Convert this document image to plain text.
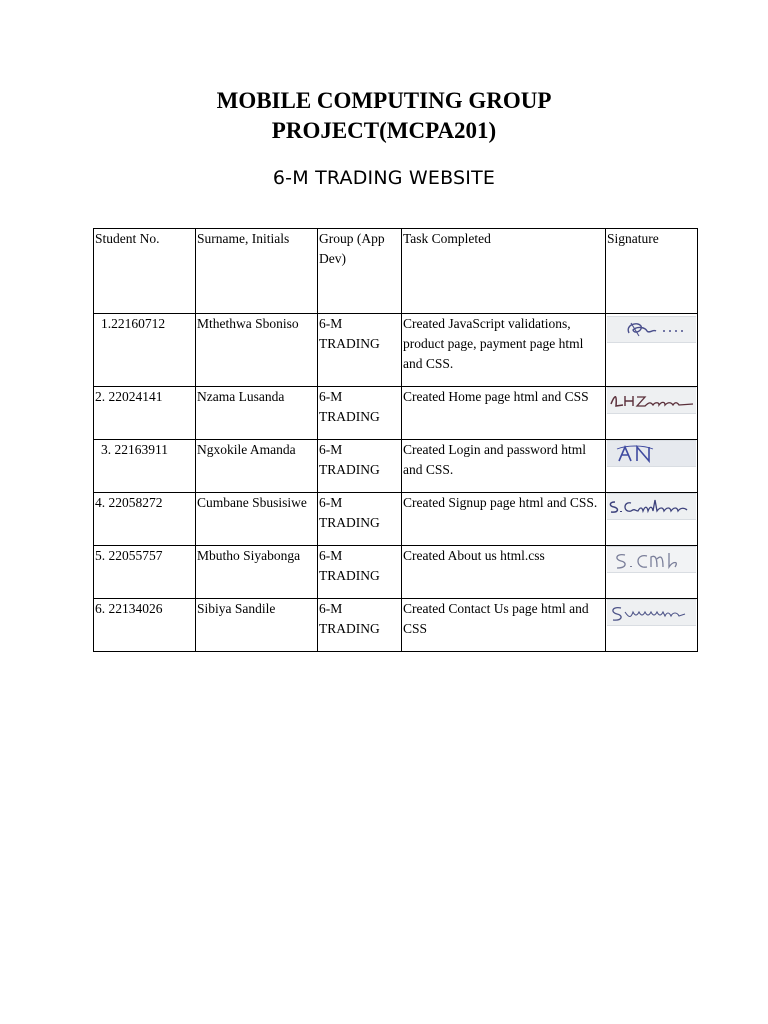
MOBILE COMPUTING GROUP
PROJECT(MCPA201)
6-M TRADING WEBSITE
Student No.	Surname, Initials	Group (App Dev)	Task Completed	Signature
1.22160712	Mthethwa Sboniso	6-M TRADING	Created JavaScript validations, product page, payment page html and CSS.	

2. 22024141	Nzama Lusanda	6-M TRADING	Created Home page html and CSS	

3. 22163911	Ngxokile Amanda	6-M TRADING	Created Login and password html and CSS.	

4. 22058272	Cumbane Sbusisiwe	6-M TRADING	Created Signup page html and CSS.	

5. 22055757	Mbutho Siyabonga	6-M TRADING	Created About us html.css	

6. 22134026	Sibiya Sandile	6-M TRADING	Created Contact Us page html and CSS	
